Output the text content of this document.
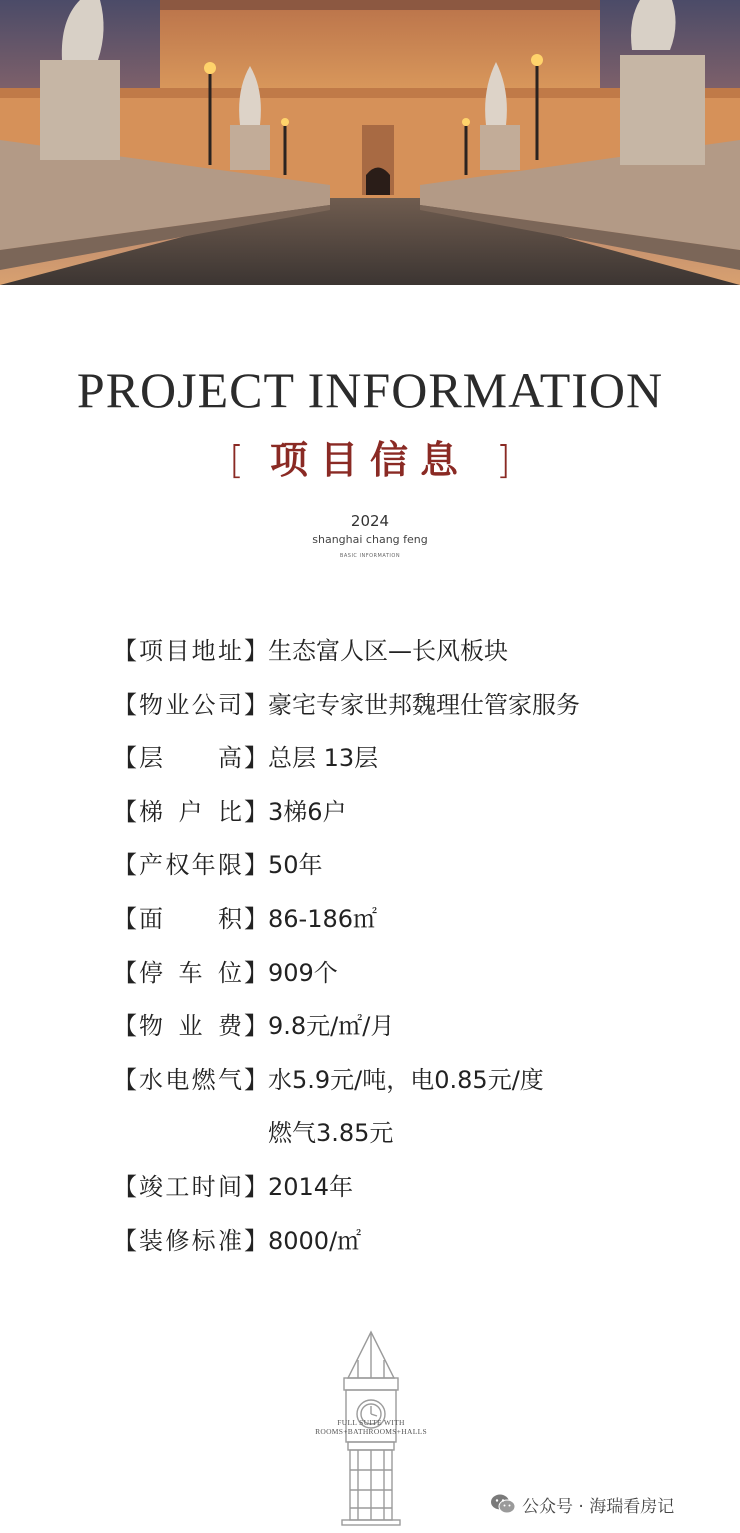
PROJECT INFORMATION
[ 项目信息 ]
2024
shanghai chang feng
BASIC INFORMATION
【 项 目 地 址 】 生态富人区—长风板块
【 物 业 公 司 】 豪宅专家世邦魏理仕管家服务
【 层 高 】 总层 13层
【 梯 户 比 】 3梯6户
【 产 权 年 限 】 50年
【 面 积 】 86-186㎡
【 停 车 位 】 909个
【 物 业 费 】 9.8元/㎡/月
【 水 电 燃 气 】 水5.9元/吨，电0.85元/度
燃气3.85元
【 竣 工 时 间 】 2014年
【 装 修 标 准 】 8000/㎡
FULL SUITE WITH
ROOMS+BATHROOMS+HALLS
公众号 · 海瑞看房记
